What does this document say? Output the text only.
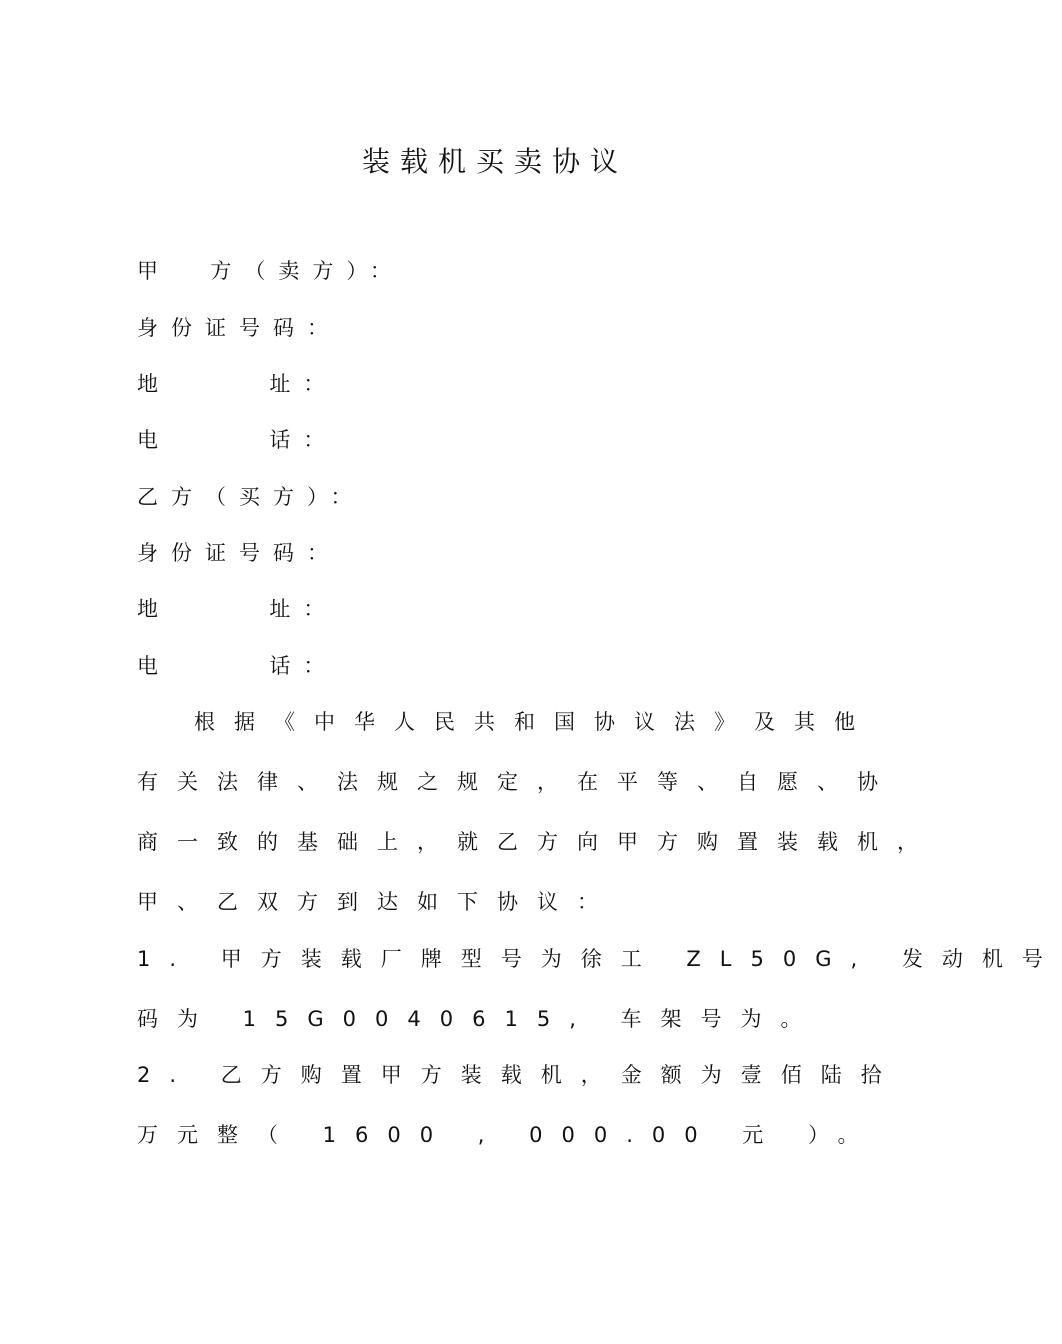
装载机买卖协议
甲  方（卖方）：
身份证号码：
地     址：
电     话：
乙方（买方）：
身份证号码：
地     址：
电     话：
根据《中华人民共和国协议法》及其他
有关法律、法规之规定，在平等、自愿、协
商一致的基础上，就乙方向甲方购置装载机，
甲、乙双方到达如下协议：
1. 甲方装载厂牌型号为徐工 ZL50G, 发动机号
码为 15G0040615, 车架号为。
2. 乙方购置甲方装载机，金额为壹佰陆拾
万元整（ 1600 , 000.00 元 ）。
